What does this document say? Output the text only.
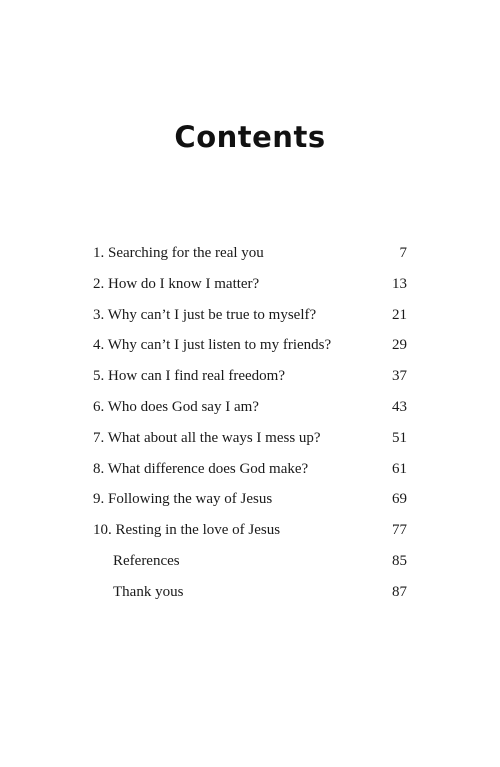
Contents
1. Searching for the real you	7
2. How do I know I matter?	13
3. Why can’t I just be true to myself?	21
4. Why can’t I just listen to my friends?	29
5. How can I find real freedom?	37
6. Who does God say I am?	43
7. What about all the ways I mess up?	51
8. What difference does God make?	61
9. Following the way of Jesus	69
10. Resting in the love of Jesus	77
References	85
Thank yous	87
